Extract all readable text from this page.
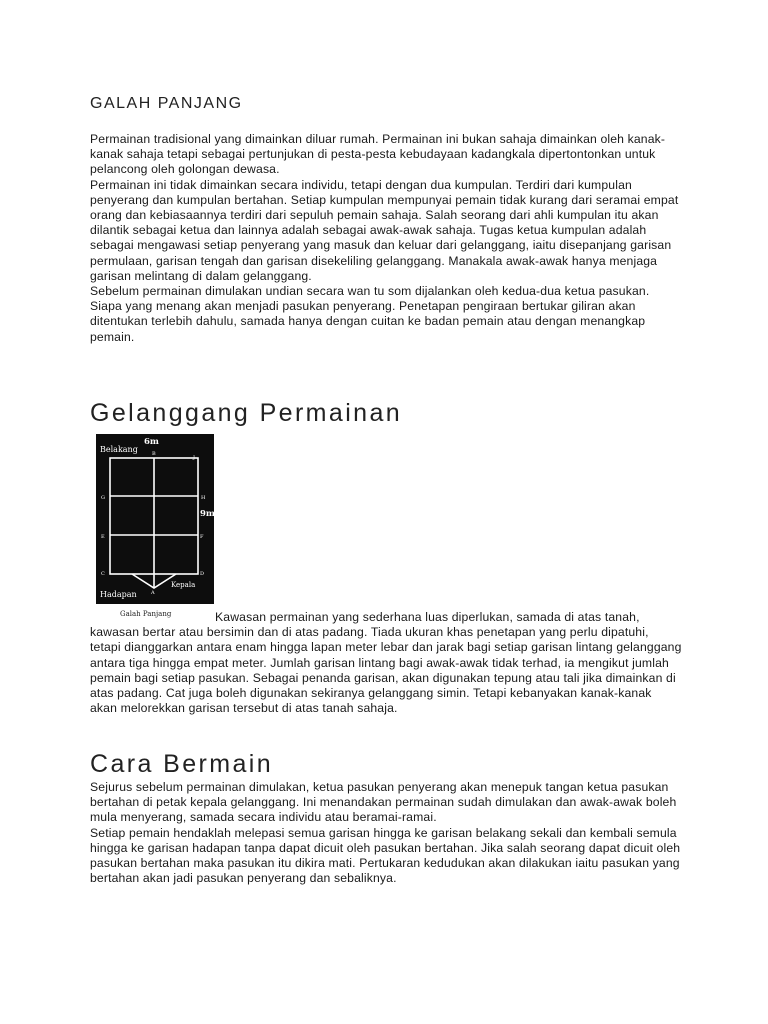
GALAH PANJANG

Permainan tradisional yang dimainkan diluar rumah. Permainan ini bukan sahaja dimainkan oleh kanak-kanak sahaja tetapi sebagai pertunjukan di pesta-pesta kebudayaan kadangkala dipertontonkan untuk pelancong oleh golongan dewasa.

Permainan ini tidak dimainkan secara individu, tetapi dengan dua kumpulan. Terdiri dari kumpulan penyerang dan kumpulan bertahan. Setiap kumpulan mempunyai pemain tidak kurang dari seramai empat orang dan kebiasaannya terdiri dari sepuluh pemain sahaja. Salah seorang dari ahli kumpulan itu akan dilantik sebagai ketua dan lainnya adalah sebagai awak-awak sahaja. Tugas ketua kumpulan adalah sebagai mengawasi setiap penyerang yang masuk dan keluar dari gelanggang, iaitu disepanjang garisan permulaan, garisan tengah dan garisan disekeliling gelanggang. Manakala awak-awak hanya menjaga garisan melintang di dalam gelanggang.

Sebelum permainan dimulakan undian secara wan tu som dijalankan oleh kedua-dua ketua pasukan. Siapa yang menang akan menjadi pasukan penyerang. Penetapan pengiraan bertukar giliran akan ditentukan terlebih dahulu, samada hanya dengan cuitan ke badan pemain atau dengan menangkap pemain.

Gelanggang Permainan
Belakang
6m
B
J
G	H
9m
E	F
C	D
A
Kepala
Hadapan
Galah Panjang	Kawasan permainan yang sederhana luas diperlukan, samada di atas tanah, kawasan bertar atau bersimin dan di atas padang. Tiada ukuran khas penetapan yang perlu dipatuhi, tetapi dianggarkan antara enam hingga lapan meter lebar dan jarak bagi setiap garisan lintang gelanggang antara tiga hingga empat meter. Jumlah garisan lintang bagi awak-awak tidak terhad, ia mengikut jumlah pemain bagi setiap pasukan. Sebagai penanda garisan, akan digunakan tepung atau tali jika dimainkan di atas padang. Cat juga boleh digunakan sekiranya gelanggang simin. Tetapi kebanyakan kanak-kanak akan melorekkan garisan tersebut di atas tanah sahaja.

Cara Bermain

Sejurus sebelum permainan dimulakan, ketua pasukan penyerang akan menepuk tangan ketua pasukan bertahan di petak kepala gelanggang. Ini menandakan permainan sudah dimulakan dan awak-awak boleh mula menyerang, samada secara individu atau beramai-ramai.

Setiap pemain hendaklah melepasi semua garisan hingga ke garisan belakang sekali dan kembali semula hingga ke garisan hadapan tanpa dapat dicuit oleh pasukan bertahan. Jika salah seorang dapat dicuit oleh pasukan bertahan maka pasukan itu dikira mati. Pertukaran kedudukan akan dilakukan iaitu pasukan yang bertahan akan jadi pasukan penyerang dan sebaliknya.
